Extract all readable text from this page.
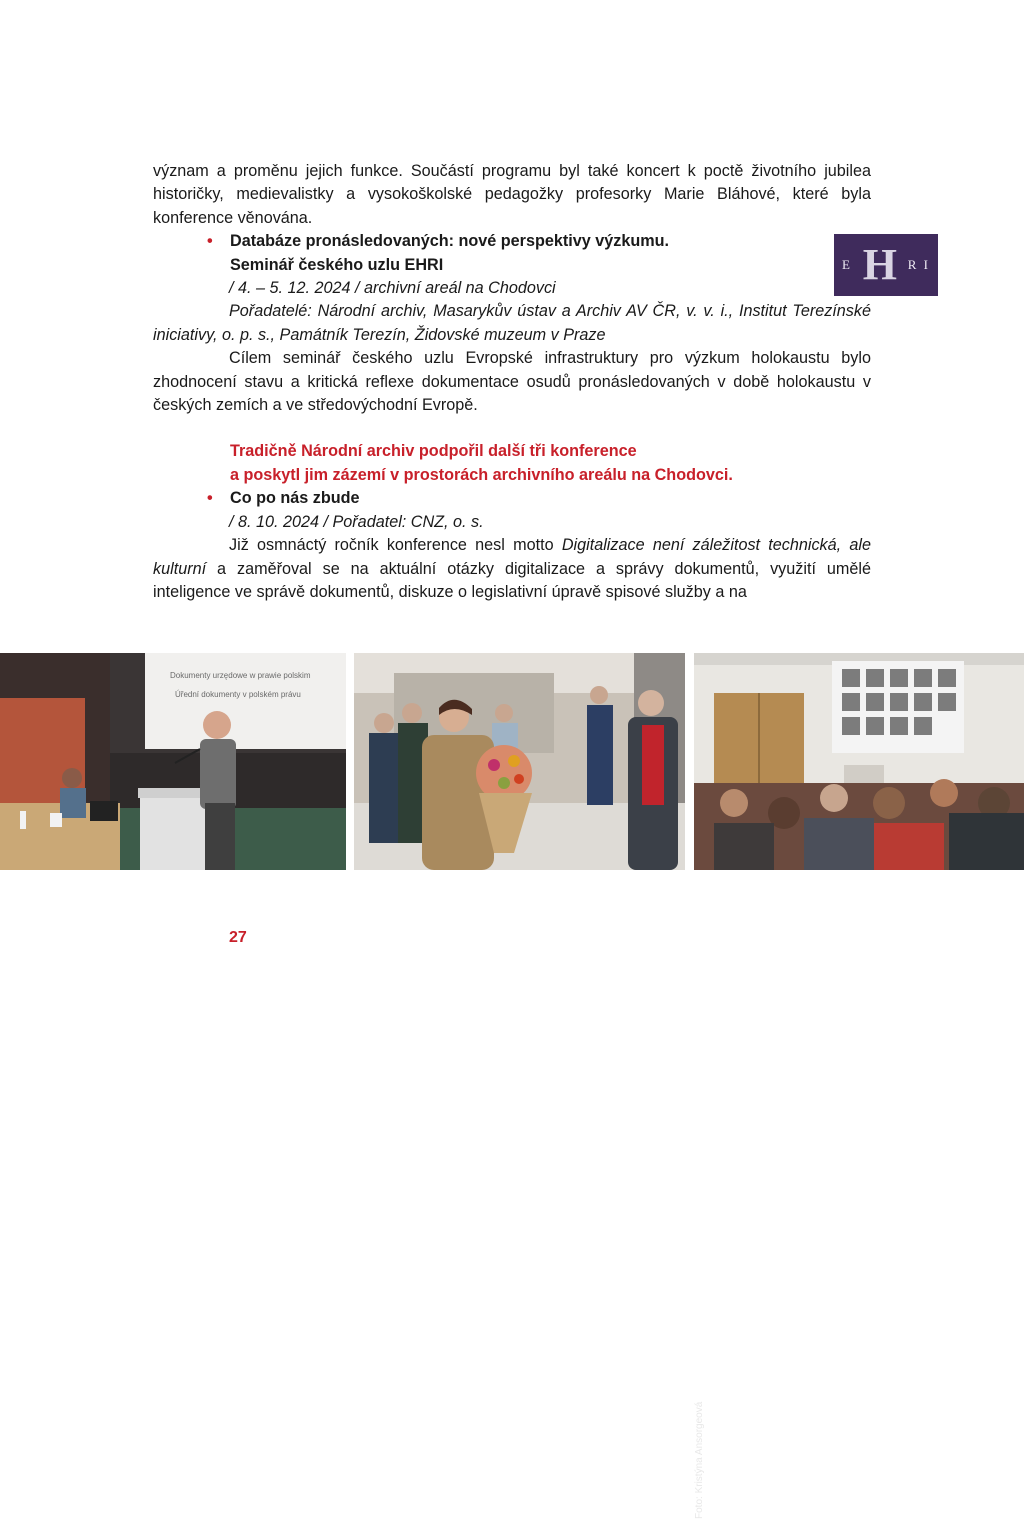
význam a proměnu jejich funkce. Součástí programu byl také koncert k poctě životního jubilea historičky, medievalistky a vysokoškolské pedagožky profesorky Marie Bláhové, které byla konference věnována.

• Databáze pronásledovaných: nové perspektivy výzkumu.
Seminář českého uzlu EHRI
/ 4. – 5. 12. 2024 / archivní areál na Chodovci

Pořadatelé: Národní archiv, Masarykův ústav a Archiv AV ČR, v. v. i., Institut Terezínské iniciativy, o. p. s., Památník Terezín, Židovské muzeum v Praze

Cílem seminář českého uzlu Evropské infrastruktury pro výzkum holokaustu bylo zhodnocení stavu a kritická reflexe dokumentace osudů pronásledovaných v době holokaustu v českých zemích a ve středovýchodní Evropě.

Tradičně Národní archiv podpořil další tři konference
a poskytl jim zázemí v prostorách archivního areálu na Chodovci.
• Co po nás zbude
/ 8. 10. 2024 / Pořadatel: CNZ, o. s.

Již osmnáctý ročník konference nesl motto Digitalizace není záležitost technická, ale kulturní a zaměřoval se na aktuální otázky digitalizace a správy dokumentů, využití umělé inteligence ve správě dokumentů, diskuze o legislativní úpravě spisové služby a na

E H R I
Dokumenty urzędowe w prawie polskim
Úřední dokumenty v polském právu
Foto: Kristýna Ansorgeová
27
